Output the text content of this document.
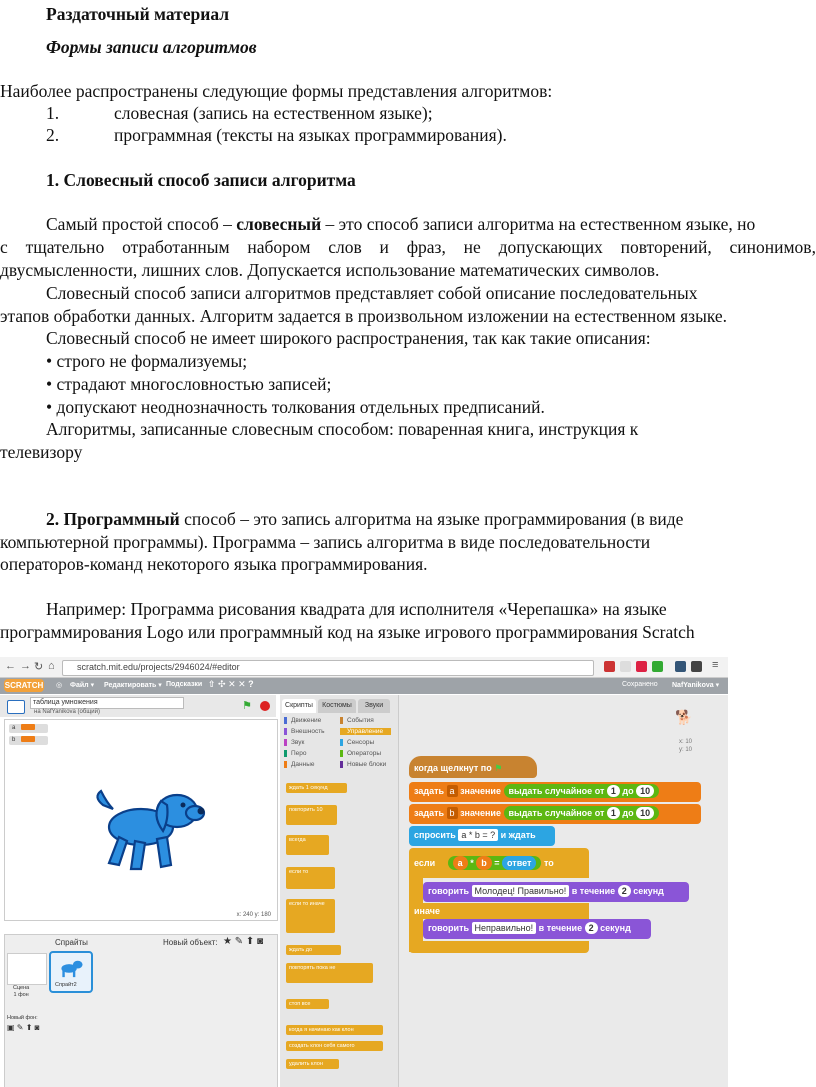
Раздаточный материал
Формы записи алгоритмов
Наиболее распространены следующие формы представления алгоритмов:
1.	словесная (запись на естественном языке);
2.	программная (тексты на языках программирования).
1. Словесный способ записи алгоритма
Самый простой способ – словесный – это способ записи алгоритма на естественном языке, но
с тщательно отработанным набором слов и фраз, не допускающих повторений, синонимов,
двусмысленности, лишних слов. Допускается использование математических символов.
Словесный способ записи алгоритмов представляет собой описание последовательных
этапов обработки данных. Алгоритм задается в произвольном изложении на естественном языке.
Словесный способ не имеет широкого распространения, так как такие описания:
• строго не формализуемы;
• страдают многословностью записей;
• допускают неоднозначность толкования отдельных предписаний.
Алгоритмы, записанные словесным способом: поваренная книга, инструкция к
телевизору
2. Программный способ – это запись алгоритма на языке программирования (в виде
компьютерной программы). Программа – запись алгоритма в виде последовательности
операторов-команд некоторого языка программирования.
Например: Программа рисования квадрата для исполнителя «Черепашка» на языке
программирования Logo или программный код на языке игрового программирования Scratch
← → ↻ ⌂ scratch.mit.edu/projects/2946024/#editor	≡
◎ Файл ▾ Редактировать ▾ Подсказки ⇧ ✣ ✕ ✕ ?	Сохранено NafYanikova ▾
SCRATCH
таблица умножения
на NafYanikova (общий)	⚑
a
b
x: 240 y: 180
Спрайты	Новый объект: ★ ✎ ⬆ ◙
Сцена
1 фон
Новый фон:
▣ ✎ ⬆ ◙
Спрайт2
Скрипты	Костюмы	Звуки
Движение
Внешность
Звук
Перо
Данные
События
Управление
Сенсоры
Операторы
Новые блоки
ждать 1 секунд
повторить 10
всегда
если то
если то иначе
ждать до
повторять пока не
стоп все
когда я начинаю как клон
создать клон себя самого
удалить клон
🐕
x: 10
y: 10
когда щелкнут по ⚑
задать a значение выдать случайное от 1 до 10
задать b значение выдать случайное от 1 до 10
спросить a * b = ? и ждать
если	a * b = ответ то
говорить Молодец! Правильно! в течение 2 секунд
иначе
говорить Неправильно! в течение 2 секунд
